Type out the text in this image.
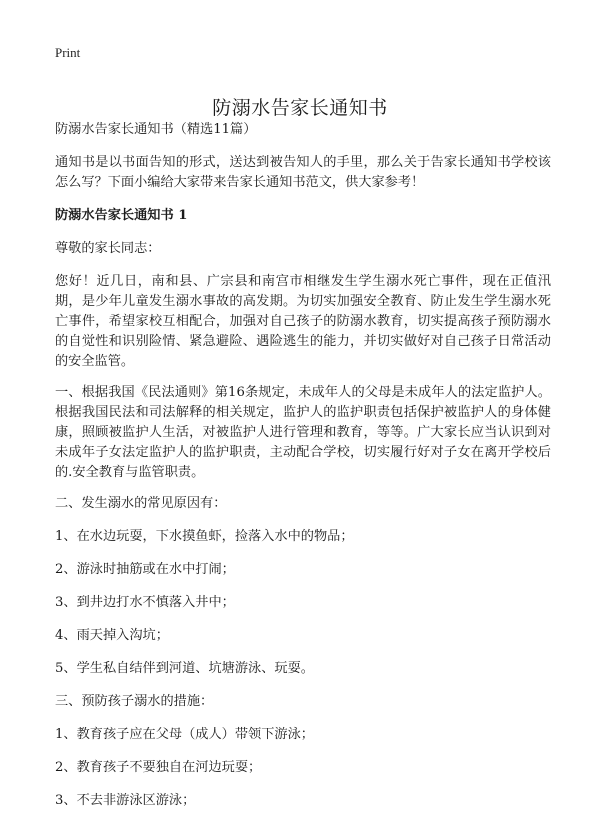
Print
防溺水告家长通知书

防溺水告家长通知书（精选11篇）

通知书是以书面告知的形式，送达到被告知人的手里，那么关于告家长通知书学校该怎么写？下面小编给大家带来告家长通知书范文，供大家参考！

防溺水告家长通知书 1

尊敬的家长同志：

您好！近几日，南和县、广宗县和南宫市相继发生学生溺水死亡事件，现在正值汛期，是少年儿童发生溺水事故的高发期。为切实加强安全教育、防止发生学生溺水死亡事件，希望家校互相配合，加强对自己孩子的防溺水教育，切实提高孩子预防溺水的自觉性和识别险情、紧急避险、遇险逃生的能力，并切实做好对自己孩子日常活动的安全监管。

一、根据我国《民法通则》第16条规定，未成年人的父母是未成年人的法定监护人。根据我国民法和司法解释的相关规定，监护人的监护职责包括保护被监护人的身体健康，照顾被监护人生活，对被监护人进行管理和教育，等等。广大家长应当认识到对未成年子女法定监护人的监护职责，主动配合学校，切实履行好对子女在离开学校后的.安全教育与监管职责。

二、发生溺水的常见原因有：
1、在水边玩耍，下水摸鱼虾，捡落入水中的物品；
2、游泳时抽筋或在水中打闹；
3、到井边打水不慎落入井中；
4、雨天掉入沟坑；
5、学生私自结伴到河道、坑塘游泳、玩耍。
三、预防孩子溺水的措施：
1、教育孩子应在父母（成人）带领下游泳；
2、教育孩子不要独自在河边玩耍；
3、不去非游泳区游泳；
